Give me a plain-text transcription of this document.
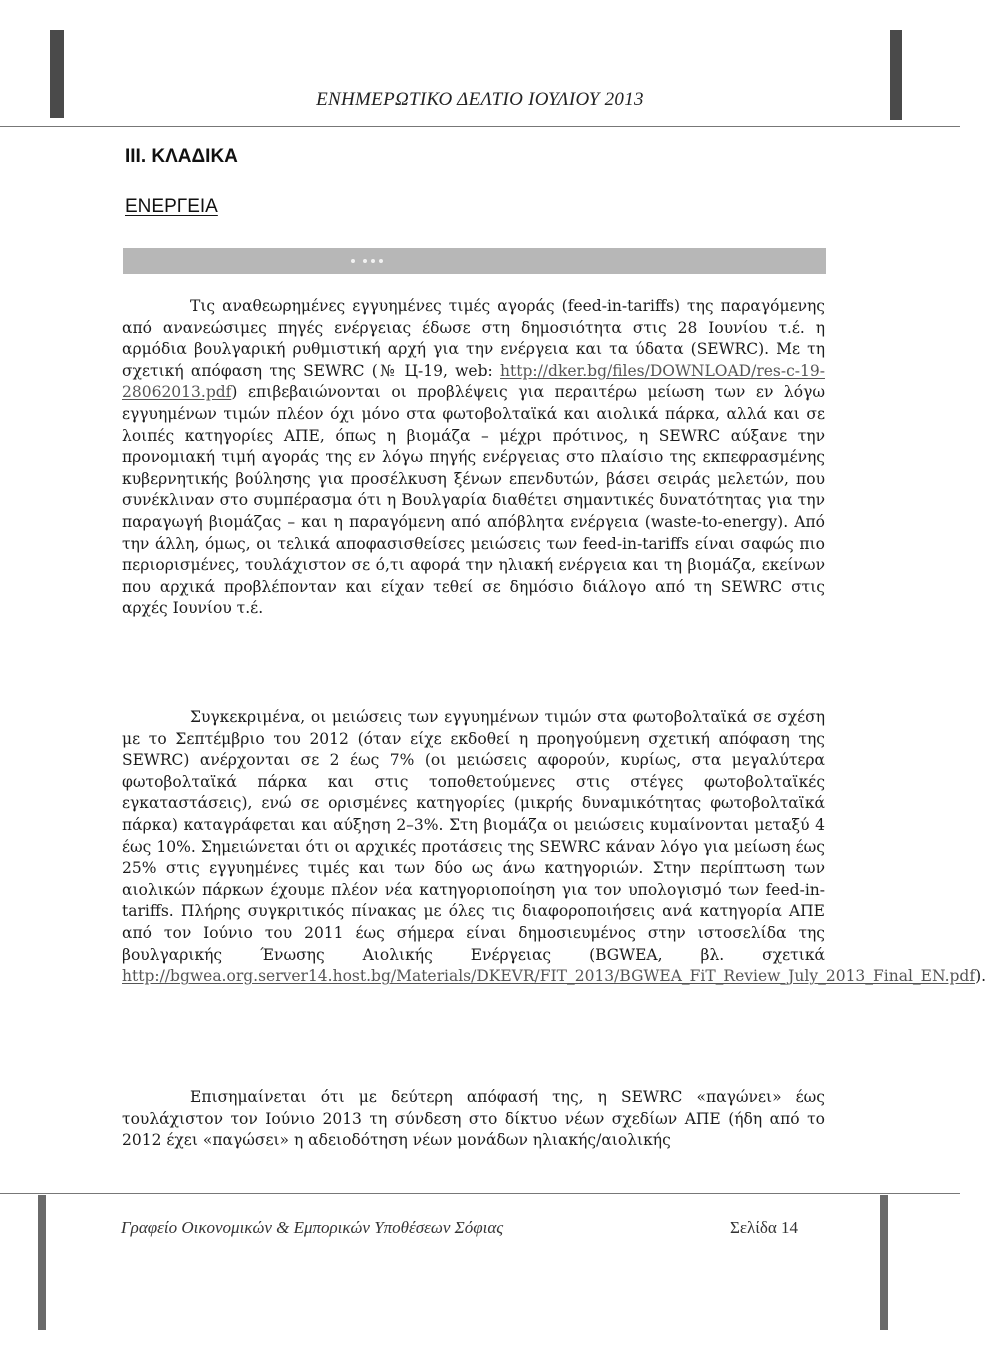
ΕΝΗΜΕΡΩΤΙΚΟ ΔΕΛΤΙΟ ΙΟΥΛΙΟΥ 2013
III. ΚΛΑΔΙΚΑ
ΕΝΕΡΓΕΙΑ

Τις αναθεωρημένες εγγυημένες τιμές αγοράς (feed-in-tariffs) της παραγόμενης από ανανεώσιμες πηγές ενέργειας έδωσε στη δημοσιότητα στις 28 Ιουνίου τ.έ. η αρμόδια βουλγαρική ρυθμιστική αρχή για την ενέργεια και τα ύδατα (SEWRC). Με τη σχετική απόφαση της SEWRC (№ Ц-19, web: http://dker.bg/files/DOWNLOAD/res-c-19-28062013.pdf) επιβεβαιώνονται οι προβλέψεις για περαιτέρω μείωση των εν λόγω εγγυημένων τιμών πλέον όχι μόνο στα φωτοβολταϊκά και αιολικά πάρκα, αλλά και σε λοιπές κατηγορίες ΑΠΕ, όπως η βιομάζα – μέχρι πρότινος, η SEWRC αύξανε την προνομιακή τιμή αγοράς της εν λόγω πηγής ενέργειας στο πλαίσιο της εκπεφρασμένης κυβερνητικής βούλησης για προσέλκυση ξένων επενδυτών, βάσει σειράς μελετών, που συνέκλιναν στο συμπέρασμα ότι η Βουλγαρία διαθέτει σημαντικές δυνατότητας για την παραγωγή βιομάζας – και η παραγόμενη από απόβλητα ενέργεια (waste-to-energy). Από την άλλη, όμως, οι τελικά αποφασισθείσες μειώσεις των feed-in-tariffs είναι σαφώς πιο περιορισμένες, τουλάχιστον σε ό,τι αφορά την ηλιακή ενέργεια και τη βιομάζα, εκείνων που αρχικά προβλέπονταν και είχαν τεθεί σε δημόσιο διάλογο από τη SEWRC στις αρχές Ιουνίου τ.έ.

Συγκεκριμένα, οι μειώσεις των εγγυημένων τιμών στα φωτοβολταϊκά σε σχέση με το Σεπτέμβριο του 2012 (όταν είχε εκδοθεί η προηγούμενη σχετική απόφαση της SEWRC) ανέρχονται σε 2 έως 7% (οι μειώσεις αφορούν, κυρίως, στα μεγαλύτερα φωτοβολταϊκά πάρκα και στις τοποθετούμενες στις στέγες φωτοβολταϊκές εγκαταστάσεις), ενώ σε ορισμένες κατηγορίες (μικρής δυναμικότητας φωτοβολταϊκά πάρκα) καταγράφεται και αύξηση 2–3%. Στη βιομάζα οι μειώσεις κυμαίνονται μεταξύ 4 έως 10%. Σημειώνεται ότι οι αρχικές προτάσεις της SEWRC κάναν λόγο για μείωση έως 25% στις εγγυημένες τιμές και των δύο ως άνω κατηγοριών. Στην περίπτωση των αιολικών πάρκων έχουμε πλέον νέα κατηγοριοποίηση για τον υπολογισμό των feed-in-tariffs. Πλήρης συγκριτικός πίνακας με όλες τις διαφοροποιήσεις ανά κατηγορία ΑΠΕ από τον Ιούνιο του 2011 έως σήμερα είναι δημοσιευμένος στην ιστοσελίδα της βουλγαρικής Ένωσης Αιολικής Ενέργειας (BGWEA, βλ. σχετικά http://bgwea.org.server14.host.bg/Materials/DKEVR/FIT_2013/BGWEA_FiT_Review_July_2013_Final_EN.pdf).

Επισημαίνεται ότι με δεύτερη απόφασή της, η SEWRC «παγώνει» έως τουλάχιστον τον Ιούνιο 2013 τη σύνδεση στο δίκτυο νέων σχεδίων ΑΠΕ (ήδη από το 2012 έχει «παγώσει» η αδειοδότηση νέων μονάδων ηλιακής/αιολικής

Γραφείο Οικονομικών & Εμπορικών Υποθέσεων Σόφιας	Σελίδα 14
